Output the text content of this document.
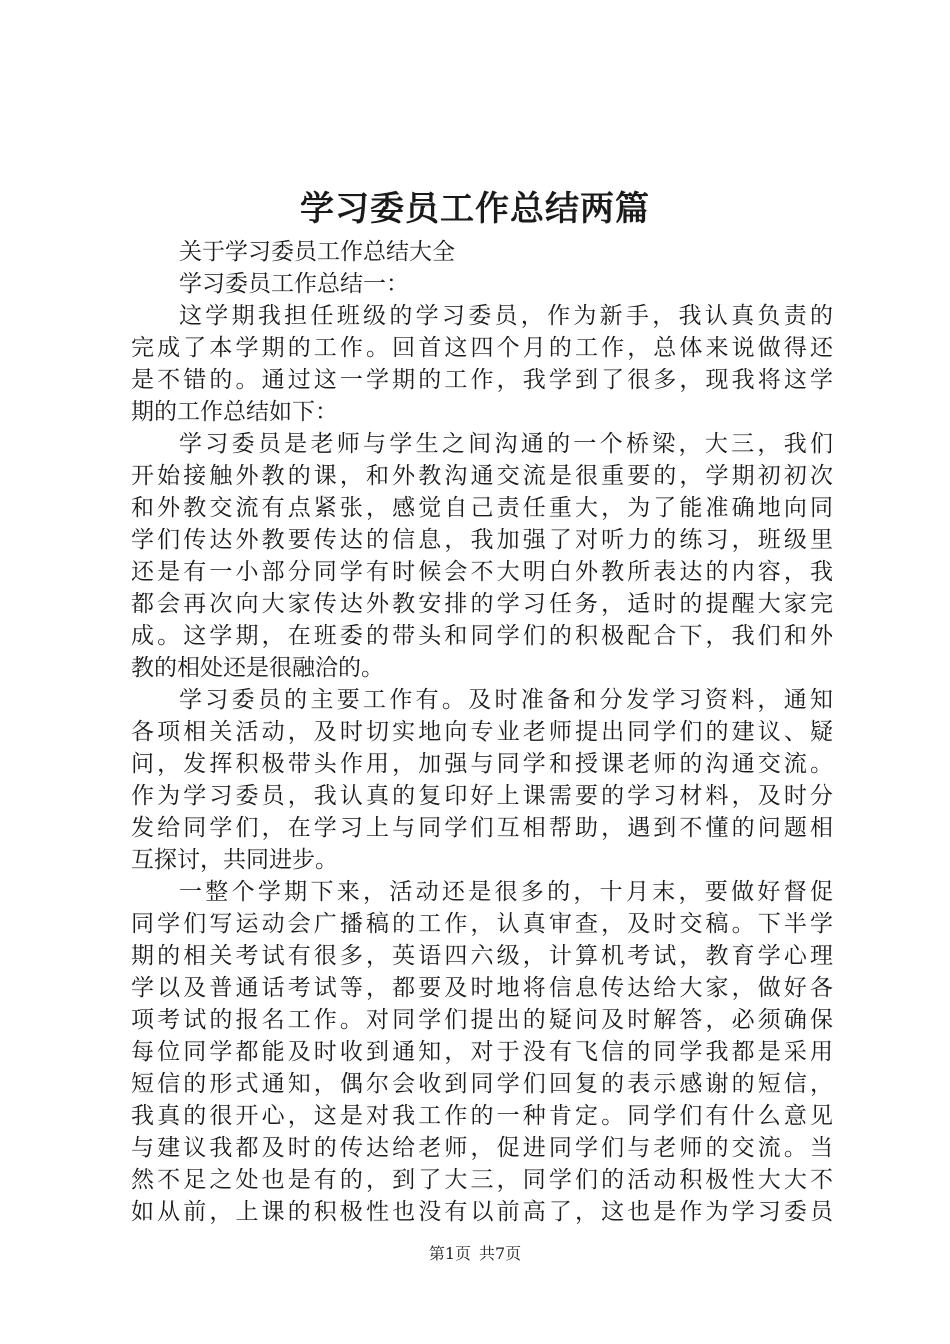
学习委员工作总结两篇
关于学习委员工作总结大全
学习委员工作总结一：
这学期我担任班级的学习委员，作为新手，我认真负责的
完成了本学期的工作。回首这四个月的工作，总体来说做得还
是不错的。通过这一学期的工作，我学到了很多，现我将这学
期的工作总结如下：
学习委员是老师与学生之间沟通的一个桥梁，大三，我们
开始接触外教的课，和外教沟通交流是很重要的，学期初初次
和外教交流有点紧张，感觉自己责任重大，为了能准确地向同
学们传达外教要传达的信息，我加强了对听力的练习，班级里
还是有一小部分同学有时候会不大明白外教所表达的内容，我
都会再次向大家传达外教安排的学习任务，适时的提醒大家完
成。这学期，在班委的带头和同学们的积极配合下，我们和外
教的相处还是很融洽的。
学习委员的主要工作有。及时准备和分发学习资料，通知
各项相关活动，及时切实地向专业老师提出同学们的建议、疑
问，发挥积极带头作用，加强与同学和授课老师的沟通交流。
作为学习委员，我认真的复印好上课需要的学习材料，及时分
发给同学们，在学习上与同学们互相帮助，遇到不懂的问题相
互探讨，共同进步。
一整个学期下来，活动还是很多的，十月末，要做好督促
同学们写运动会广播稿的工作，认真审查，及时交稿。下半学
期的相关考试有很多，英语四六级，计算机考试，教育学心理
学以及普通话考试等，都要及时地将信息传达给大家，做好各
项考试的报名工作。对同学们提出的疑问及时解答，必须确保
每位同学都能及时收到通知，对于没有飞信的同学我都是采用
短信的形式通知，偶尔会收到同学们回复的表示感谢的短信，
我真的很开心，这是对我工作的一种肯定。同学们有什么意见
与建议我都及时的传达给老师，促进同学们与老师的交流。当
然不足之处也是有的，到了大三，同学们的活动积极性大大不
如从前，上课的积极性也没有以前高了，这也是作为学习委员
第1页 共7页
